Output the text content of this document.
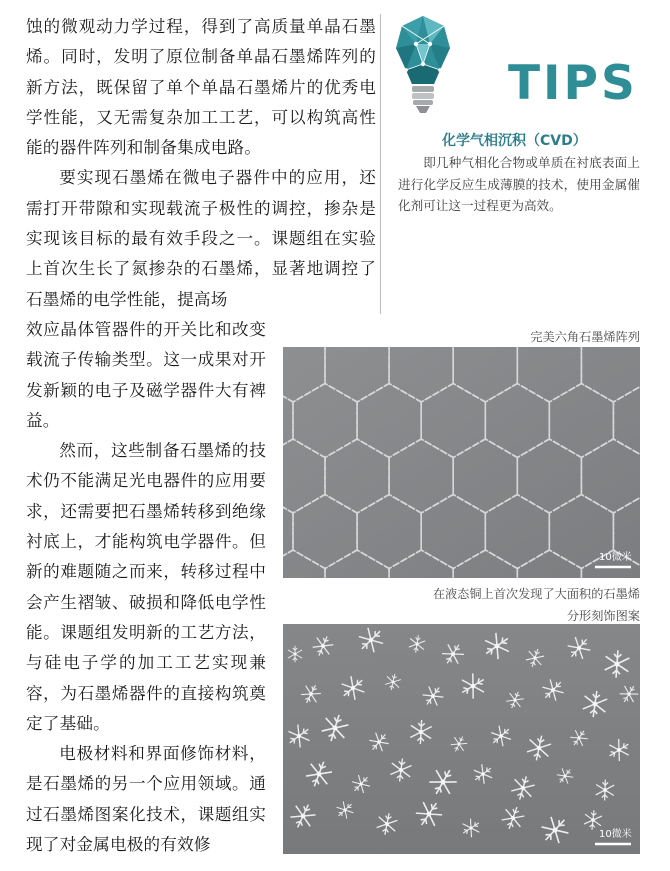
蚀的微观动力学过程，得到了高质量单晶石墨烯。同时，发明了原位制备单晶石墨烯阵列的新方法，既保留了单个单晶石墨烯片的优秀电学性能，又无需复杂加工工艺，可以构筑高性能的器件阵列和制备集成电路。

要实现石墨烯在微电子器件中的应用，还需打开带隙和实现载流子极性的调控，掺杂是实现该目标的最有效手段之一。课题组在实验上首次生长了氮掺杂的石墨烯，显著地调控了石墨烯的电学性能，提高场

效应晶体管器件的开关比和改变载流子传输类型。这一成果对开发新颖的电子及磁学器件大有裨益。

然而，这些制备石墨烯的技术仍不能满足光电器件的应用要求，还需要把石墨烯转移到绝缘衬底上，才能构筑电学器件。但新的难题随之而来，转移过程中会产生褶皱、破损和降低电学性能。课题组发明新的工艺方法，与硅电子学的加工工艺实现兼容，为石墨烯器件的直接构筑奠定了基础。

电极材料和界面修饰材料，是石墨烯的另一个应用领域。通过石墨烯图案化技术，课题组实现了对金属电极的有效修

TIPS
化学气相沉积（CVD）
即几种气相化合物或单质在衬底表面上进行化学反应生成薄膜的技术，使用金属催化剂可让这一过程更为高效。
完美六角石墨烯阵列
10微米
在液态铜上首次发现了大面积的石墨烯
分形刻饰图案
10微米
